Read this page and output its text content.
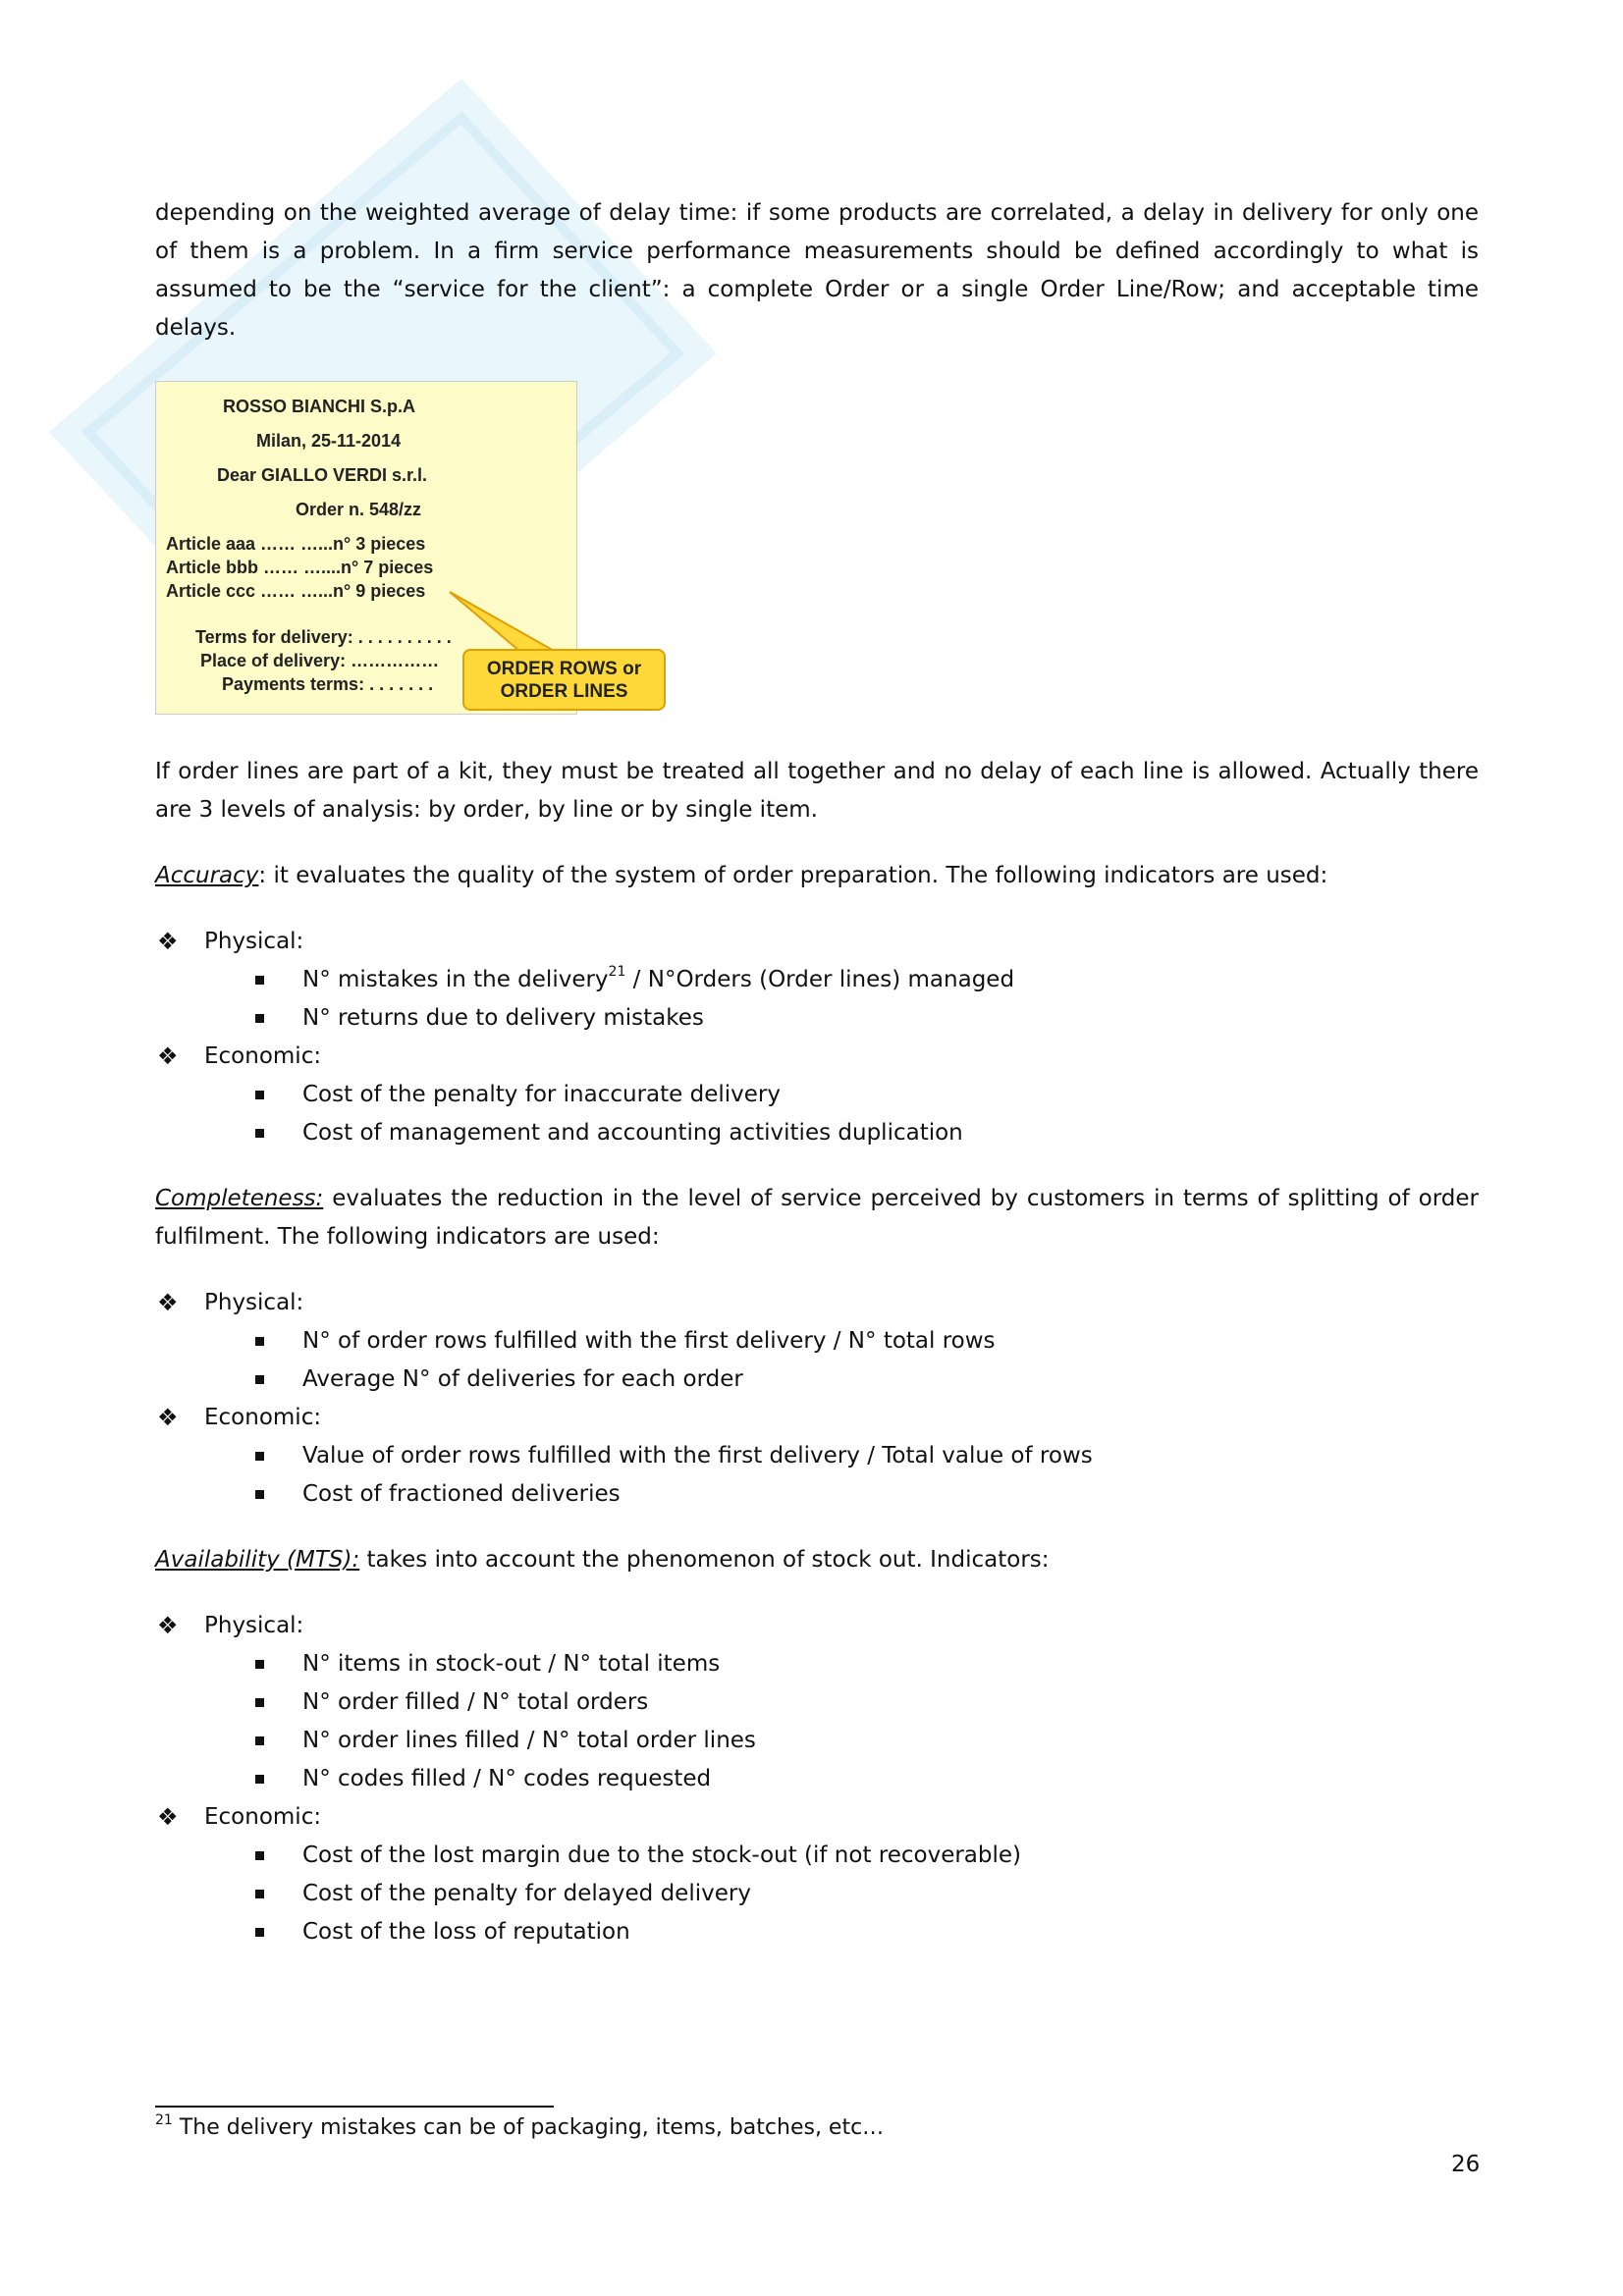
depending on the weighted average of delay time: if some products are correlated, a delay in delivery for only one of them is a problem. In a firm service performance measurements should be defined accordingly to what is assumed to be the “service for the client”: a complete Order or a single Order Line/Row; and acceptable time delays.

ROSSO BIANCHI S.p.A
Milan, 25-11-2014
Dear GIALLO VERDI s.r.l.
Order n. 548/zz
Article aaa …… …...n° 3 pieces
Article bbb …… …....n° 7 pieces
Article ccc …… …...n° 9 pieces
Terms for delivery: . . . . . . . . . .
Place of delivery: ……………
Payments terms: . . . . . . .
ORDER ROWS or
ORDER LINES

If order lines are part of a kit, they must be treated all together and no delay of each line is allowed. Actually there are 3 levels of analysis: by order, by line or by single item.

Accuracy: it evaluates the quality of the system of order preparation. The following indicators are used:

❖ Physical:
N° mistakes in the delivery$^{21}$ / N°Orders (Order lines) managed
N° returns due to delivery mistakes
❖ Economic:
Cost of the penalty for inaccurate delivery
Cost of management and accounting activities duplication

Completeness: evaluates the reduction in the level of service perceived by customers in terms of splitting of order fulfilment. The following indicators are used:

❖ Physical:
N° of order rows fulfilled with the first delivery / N° total rows
Average N° of deliveries for each order
❖ Economic:
Value of order rows fulfilled with the first delivery / Total value of rows
Cost of fractioned deliveries

Availability (MTS): takes into account the phenomenon of stock out. Indicators:

❖ Physical:
N° items in stock-out / N° total items
N° order filled / N° total orders
N° order lines filled / N° total order lines
N° codes filled / N° codes requested
❖ Economic:
Cost of the lost margin due to the stock-out (if not recoverable)
Cost of the penalty for delayed delivery
Cost of the loss of reputation
$^{21}$ The delivery mistakes can be of packaging, items, batches, etc…
26
